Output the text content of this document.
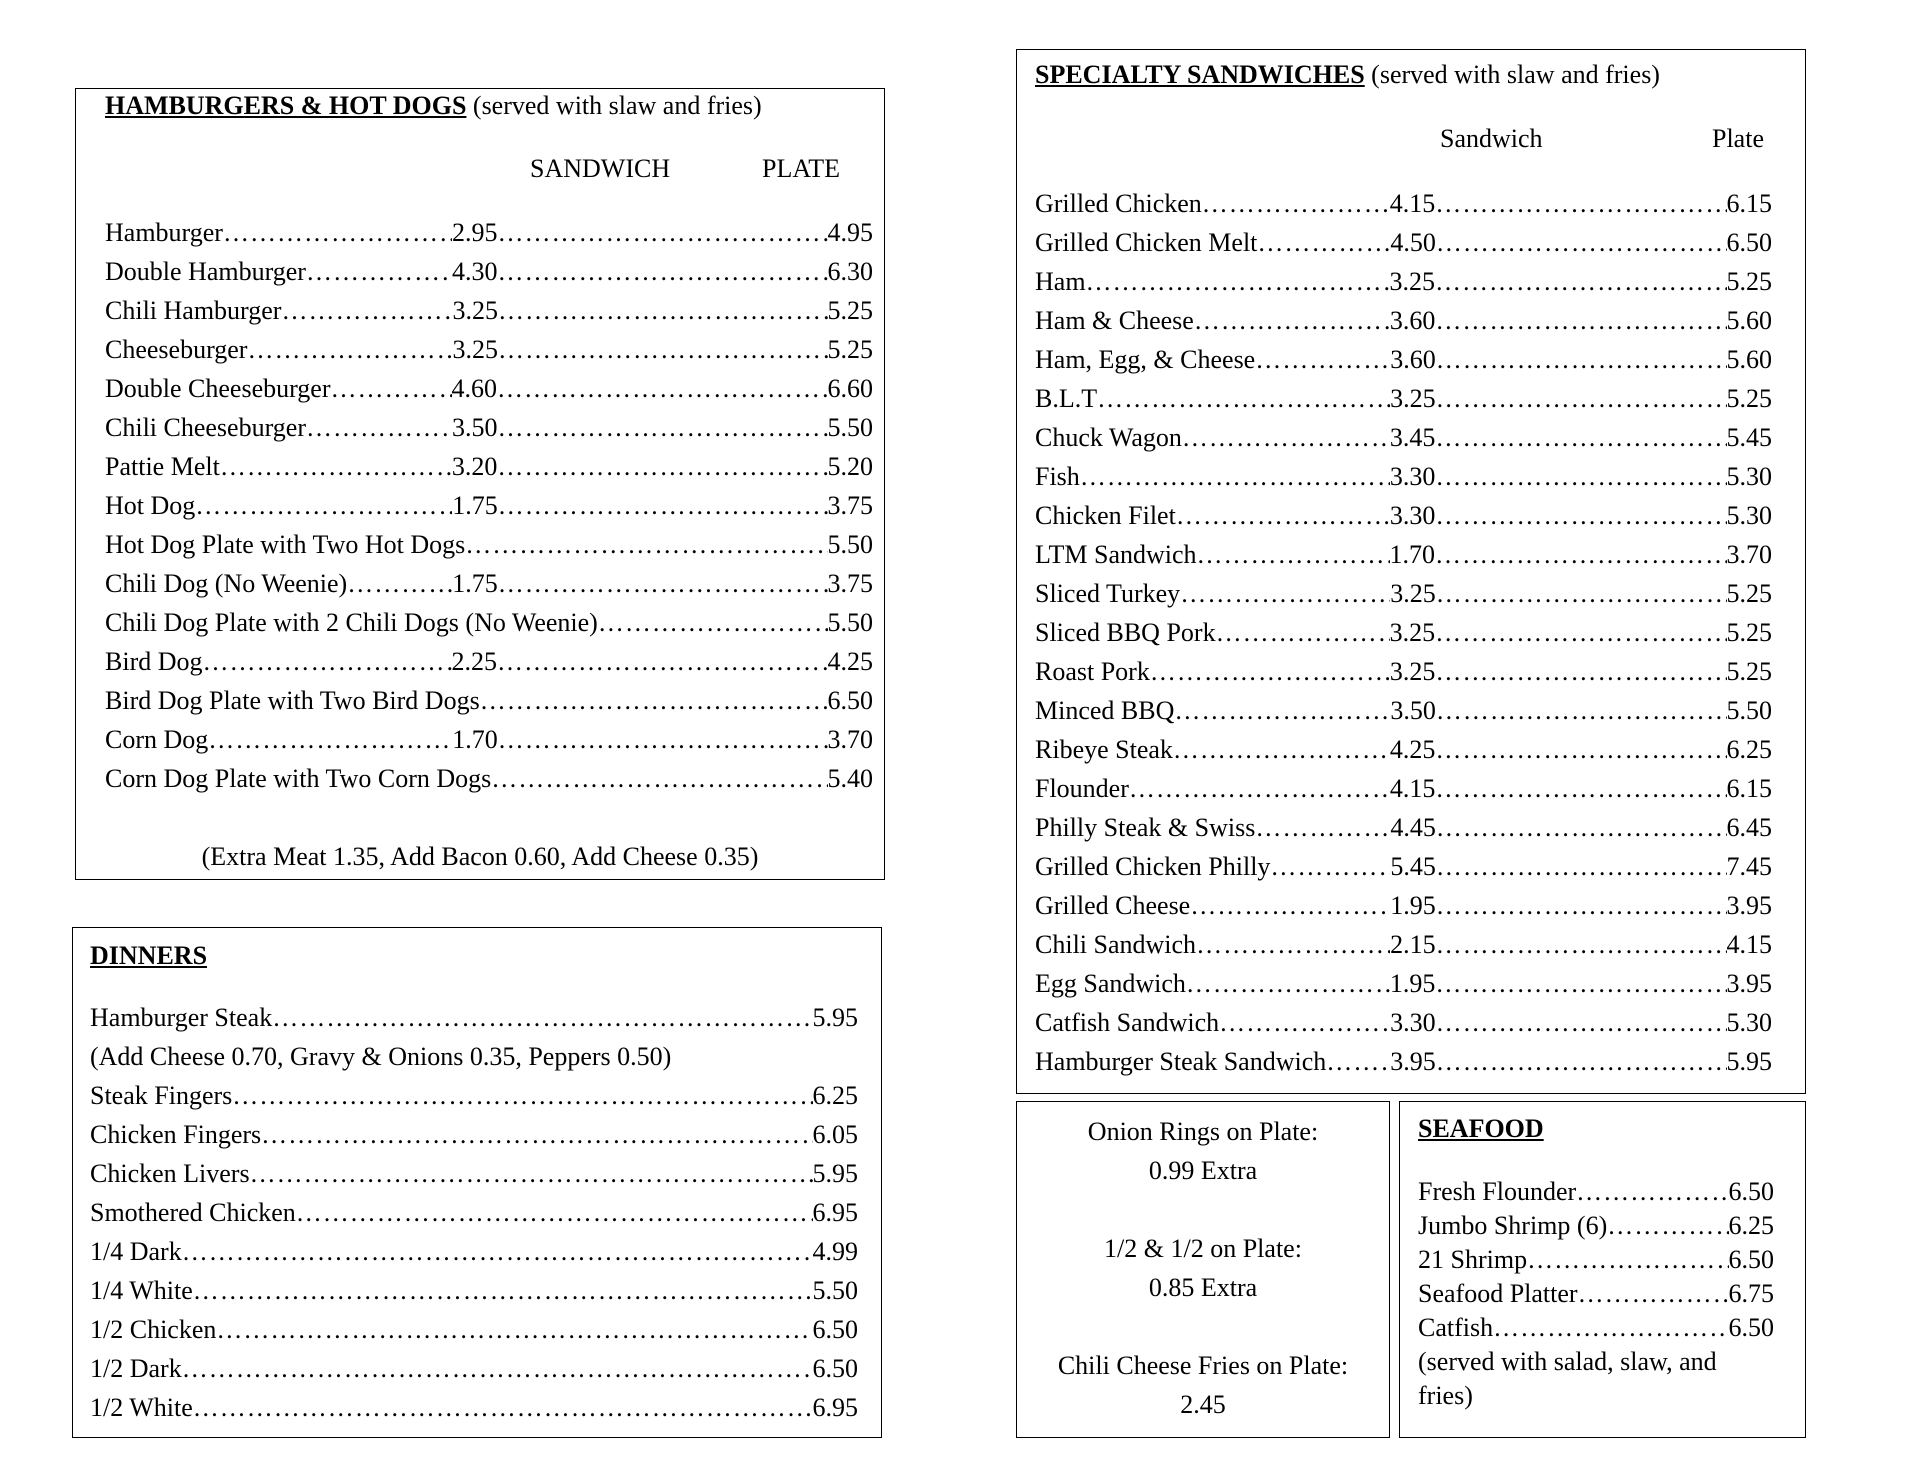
HAMBURGERS & HOT DOGS (served with slaw and fries)
SANDWICH	PLATE
Hamburger ………………………………………………………………………………………………………………………………………………………………	2.95 ………………………………………………………………………………………………………………………………………………………………	4.95
Double Hamburger ………………………………………………………………………………………………………………………………………………………………	4.30 ………………………………………………………………………………………………………………………………………………………………	6.30
Chili Hamburger ………………………………………………………………………………………………………………………………………………………………	3.25 ………………………………………………………………………………………………………………………………………………………………	5.25
Cheeseburger ………………………………………………………………………………………………………………………………………………………………	3.25 ………………………………………………………………………………………………………………………………………………………………	5.25
Double Cheeseburger ………………………………………………………………………………………………………………………………………………………………	4.60 ………………………………………………………………………………………………………………………………………………………………	6.60
Chili Cheeseburger ………………………………………………………………………………………………………………………………………………………………	3.50 ………………………………………………………………………………………………………………………………………………………………	5.50
Pattie Melt ………………………………………………………………………………………………………………………………………………………………	3.20 ………………………………………………………………………………………………………………………………………………………………	5.20
Hot Dog ………………………………………………………………………………………………………………………………………………………………	1.75 ………………………………………………………………………………………………………………………………………………………………	3.75
Hot Dog Plate with Two Hot Dogs ………………………………………………………………………………………………………………………………………………………………	5.50
Chili Dog (No Weenie) ………………………………………………………………………………………………………………………………………………………………	1.75 ………………………………………………………………………………………………………………………………………………………………	3.75
Chili Dog Plate with 2 Chili Dogs (No Weenie) ………………………………………………………………………………………………………………………………………………………………	5.50
Bird Dog ………………………………………………………………………………………………………………………………………………………………	2.25 ………………………………………………………………………………………………………………………………………………………………	4.25
Bird Dog Plate with Two Bird Dogs ………………………………………………………………………………………………………………………………………………………………	6.50
Corn Dog ………………………………………………………………………………………………………………………………………………………………	1.70 ………………………………………………………………………………………………………………………………………………………………	3.70
Corn Dog Plate with Two Corn Dogs ………………………………………………………………………………………………………………………………………………………………	5.40
(Extra Meat 1.35, Add Bacon 0.60, Add Cheese 0.35)
DINNERS
Hamburger Steak ………………………………………………………………………………………………………………………………………………………………	5.95
(Add Cheese 0.70, Gravy & Onions 0.35, Peppers 0.50)
Steak Fingers ………………………………………………………………………………………………………………………………………………………………	6.25
Chicken Fingers ………………………………………………………………………………………………………………………………………………………………	6.05
Chicken Livers ………………………………………………………………………………………………………………………………………………………………	5.95
Smothered Chicken ………………………………………………………………………………………………………………………………………………………………	6.95
1/4 Dark ………………………………………………………………………………………………………………………………………………………………	4.99
1/4 White ………………………………………………………………………………………………………………………………………………………………	5.50
1/2 Chicken ………………………………………………………………………………………………………………………………………………………………	6.50
1/2 Dark ………………………………………………………………………………………………………………………………………………………………	6.50
1/2 White ………………………………………………………………………………………………………………………………………………………………	6.95
SPECIALTY SANDWICHES (served with slaw and fries)
Sandwich	Plate
Grilled Chicken ………………………………………………………………………………………………………………………………………………………………	4.15 ………………………………………………………………………………………………………………………………………………………………	6.15
Grilled Chicken Melt ………………………………………………………………………………………………………………………………………………………………	4.50 ………………………………………………………………………………………………………………………………………………………………	6.50
Ham ………………………………………………………………………………………………………………………………………………………………	3.25 ………………………………………………………………………………………………………………………………………………………………	5.25
Ham & Cheese ………………………………………………………………………………………………………………………………………………………………	3.60 ………………………………………………………………………………………………………………………………………………………………	5.60
Ham, Egg, & Cheese ………………………………………………………………………………………………………………………………………………………………	3.60 ………………………………………………………………………………………………………………………………………………………………	5.60
B.L.T ………………………………………………………………………………………………………………………………………………………………	3.25 ………………………………………………………………………………………………………………………………………………………………	5.25
Chuck Wagon ………………………………………………………………………………………………………………………………………………………………	3.45 ………………………………………………………………………………………………………………………………………………………………	5.45
Fish ………………………………………………………………………………………………………………………………………………………………	3.30 ………………………………………………………………………………………………………………………………………………………………	5.30
Chicken Filet ………………………………………………………………………………………………………………………………………………………………	3.30 ………………………………………………………………………………………………………………………………………………………………	5.30
LTM Sandwich ………………………………………………………………………………………………………………………………………………………………	1.70 ………………………………………………………………………………………………………………………………………………………………	3.70
Sliced Turkey ………………………………………………………………………………………………………………………………………………………………	3.25 ………………………………………………………………………………………………………………………………………………………………	5.25
Sliced BBQ Pork ………………………………………………………………………………………………………………………………………………………………	3.25 ………………………………………………………………………………………………………………………………………………………………	5.25
Roast Pork ………………………………………………………………………………………………………………………………………………………………	3.25 ………………………………………………………………………………………………………………………………………………………………	5.25
Minced BBQ ………………………………………………………………………………………………………………………………………………………………	3.50 ………………………………………………………………………………………………………………………………………………………………	5.50
Ribeye Steak ………………………………………………………………………………………………………………………………………………………………	4.25 ………………………………………………………………………………………………………………………………………………………………	6.25
Flounder ………………………………………………………………………………………………………………………………………………………………	4.15 ………………………………………………………………………………………………………………………………………………………………	6.15
Philly Steak & Swiss ………………………………………………………………………………………………………………………………………………………………	4.45 ………………………………………………………………………………………………………………………………………………………………	6.45
Grilled Chicken Philly ………………………………………………………………………………………………………………………………………………………………	5.45 ………………………………………………………………………………………………………………………………………………………………	7.45
Grilled Cheese ………………………………………………………………………………………………………………………………………………………………	1.95 ………………………………………………………………………………………………………………………………………………………………	3.95
Chili Sandwich ………………………………………………………………………………………………………………………………………………………………	2.15 ………………………………………………………………………………………………………………………………………………………………	4.15
Egg Sandwich ………………………………………………………………………………………………………………………………………………………………	1.95 ………………………………………………………………………………………………………………………………………………………………	3.95
Catfish Sandwich ………………………………………………………………………………………………………………………………………………………………	3.30 ………………………………………………………………………………………………………………………………………………………………	5.30
Hamburger Steak Sandwich ……………………………………………………………………………………………………………………………………………………………… 3.95 ………………………………………………………………………………………………………………………………………………………………	5.95
Onion Rings on Plate:
0.99 Extra
1/2 & 1/2 on Plate:
0.85 Extra
Chili Cheese Fries on Plate:
2.45
SEAFOOD
Fresh Flounder ………………………………………………………………………………………………………………………………………………………………	6.50
Jumbo Shrimp (6) ………………………………………………………………………………………………………………………………………………………………	6.25
21 Shrimp ………………………………………………………………………………………………………………………………………………………………	6.50
Seafood Platter ………………………………………………………………………………………………………………………………………………………………	6.75
Catfish ………………………………………………………………………………………………………………………………………………………………	6.50
(served with salad, slaw, and fries)
